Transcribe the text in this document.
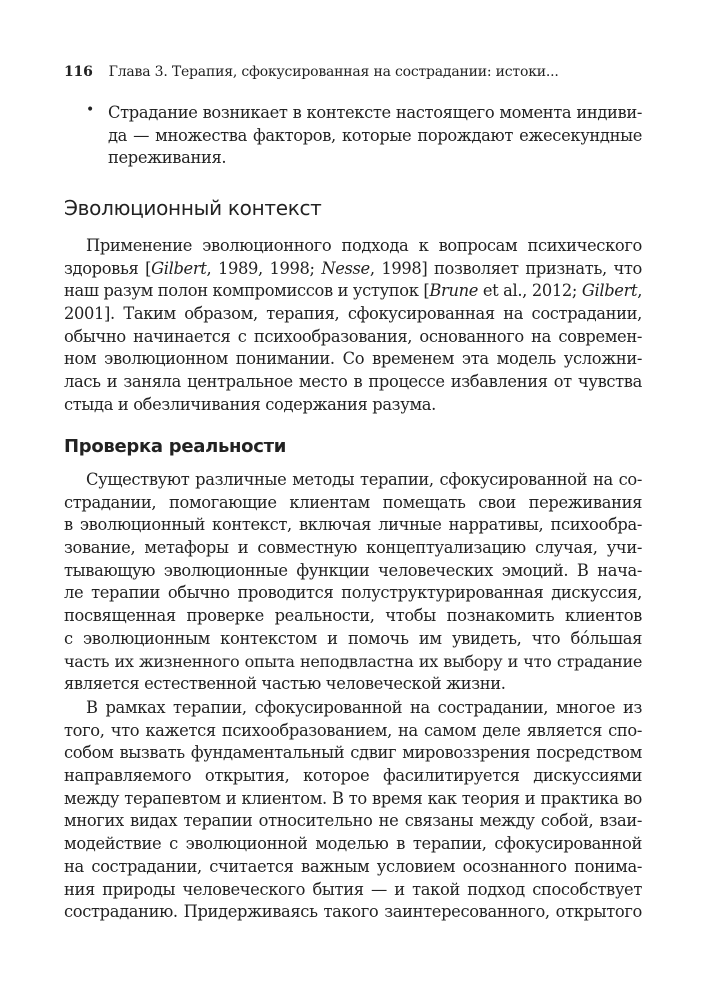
116 Глава 3. Терапия, сфокусированная на сострадании: истоки...
• Страдание возникает в контексте настоящего момента индиви-
да — множества факторов, которые порождают ежесекундные
переживания.
Эволюционный контекст
Применение эволюционного подхода к вопросам психического
здоровья [Gilbert, 1989, 1998; Nesse, 1998] позволяет признать, что
наш разум полон компромиссов и уступок [Brune et al., 2012; Gilbert,
2001]. Таким образом, терапия, сфокусированная на сострадании,
обычно начинается с психообразования, основанного на современ-
ном эволюционном понимании. Со временем эта модель усложни-
лась и заняла центральное место в процессе избавления от чувства
стыда и обезличивания содержания разума.
Проверка реальности
Существуют различные методы терапии, сфокусированной на со-
страдании, помогающие клиентам помещать свои переживания
в эволюционный контекст, включая личные нарративы, психообра-
зование, метафоры и совместную концептуализацию случая, учи-
тывающую эволюционные функции человеческих эмоций. В нача-
ле терапии обычно проводится полуструктурированная дискуссия,
посвященная проверке реальности, чтобы познакомить клиентов
с эволюционным контекстом и помочь им увидеть, что бóльшая
часть их жизненного опыта неподвластна их выбору и что страдание
является естественной частью человеческой жизни.
В рамках терапии, сфокусированной на сострадании, многое из
того, что кажется психообразованием, на самом деле является спо-
собом вызвать фундаментальный сдвиг мировоззрения посредством
направляемого открытия, которое фасилитируется дискуссиями
между терапевтом и клиентом. В то время как теория и практика во
многих видах терапии относительно не связаны между собой, взаи-
модействие с эволюционной моделью в терапии, сфокусированной
на сострадании, считается важным условием осознанного понима-
ния природы человеческого бытия — и такой подход способствует
состраданию. Придерживаясь такого заинтересованного, открытого
